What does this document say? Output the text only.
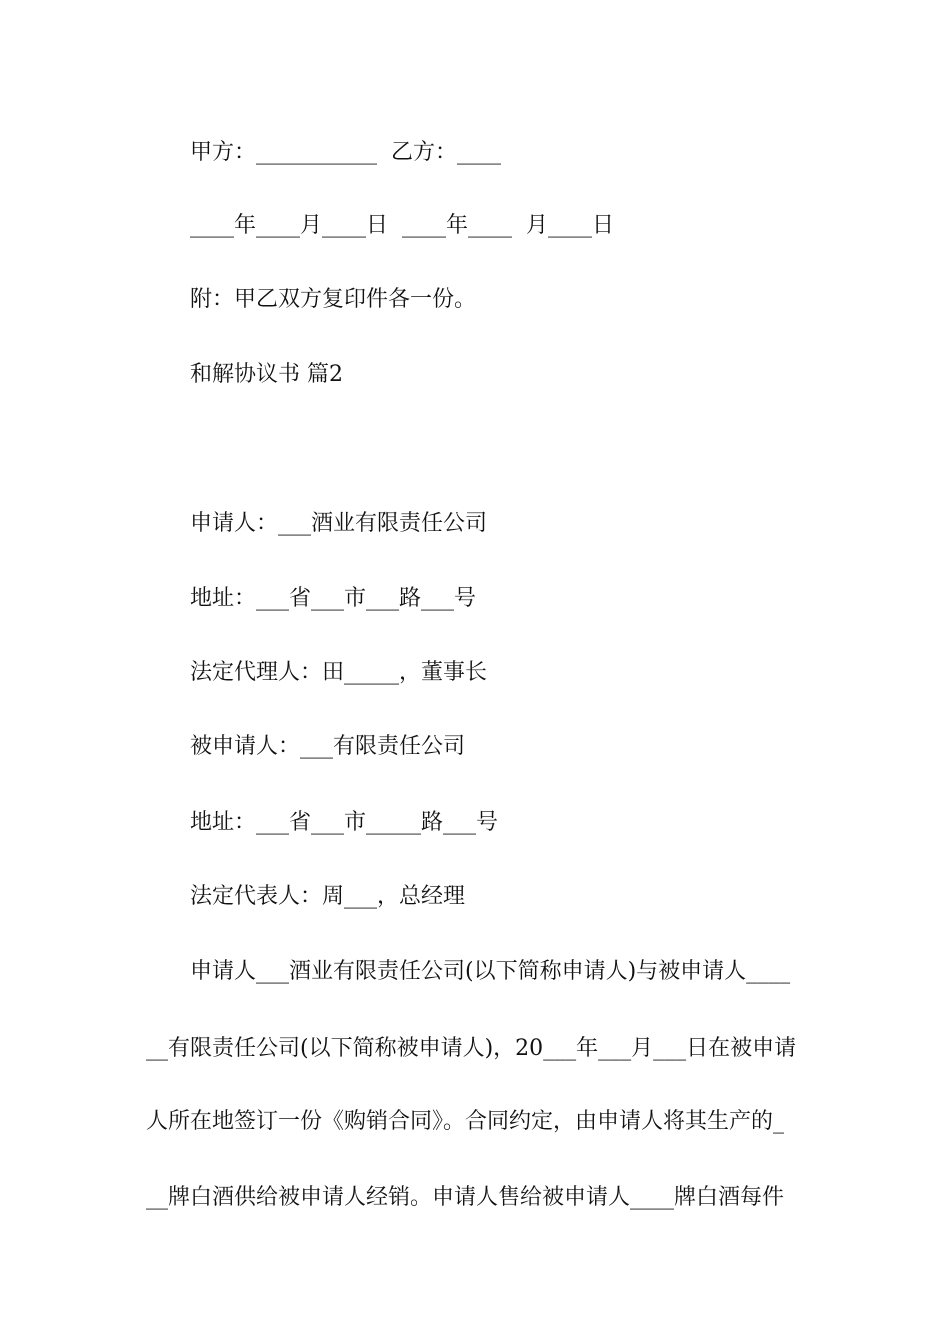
甲方：___________  乙方：____
____年____月____日  ____年____  月____日
附：甲乙双方复印件各一份。
和解协议书 篇2
申请人：___酒业有限责任公司
地址：___省___市___路___号
法定代理人：田_____，董事长
被申请人：___有限责任公司
地址：___省___市_____路___号
法定代表人：周___，总经理
申请人___酒业有限责任公司(以下简称申请人)与被申请人____
__有限责任公司(以下简称被申请人)，20___年___月___日在被申请
人所在地签订一份《购销合同》。合同约定，由申请人将其生产的_
__牌白酒供给被申请人经销。申请人售给被申请人____牌白酒每件
